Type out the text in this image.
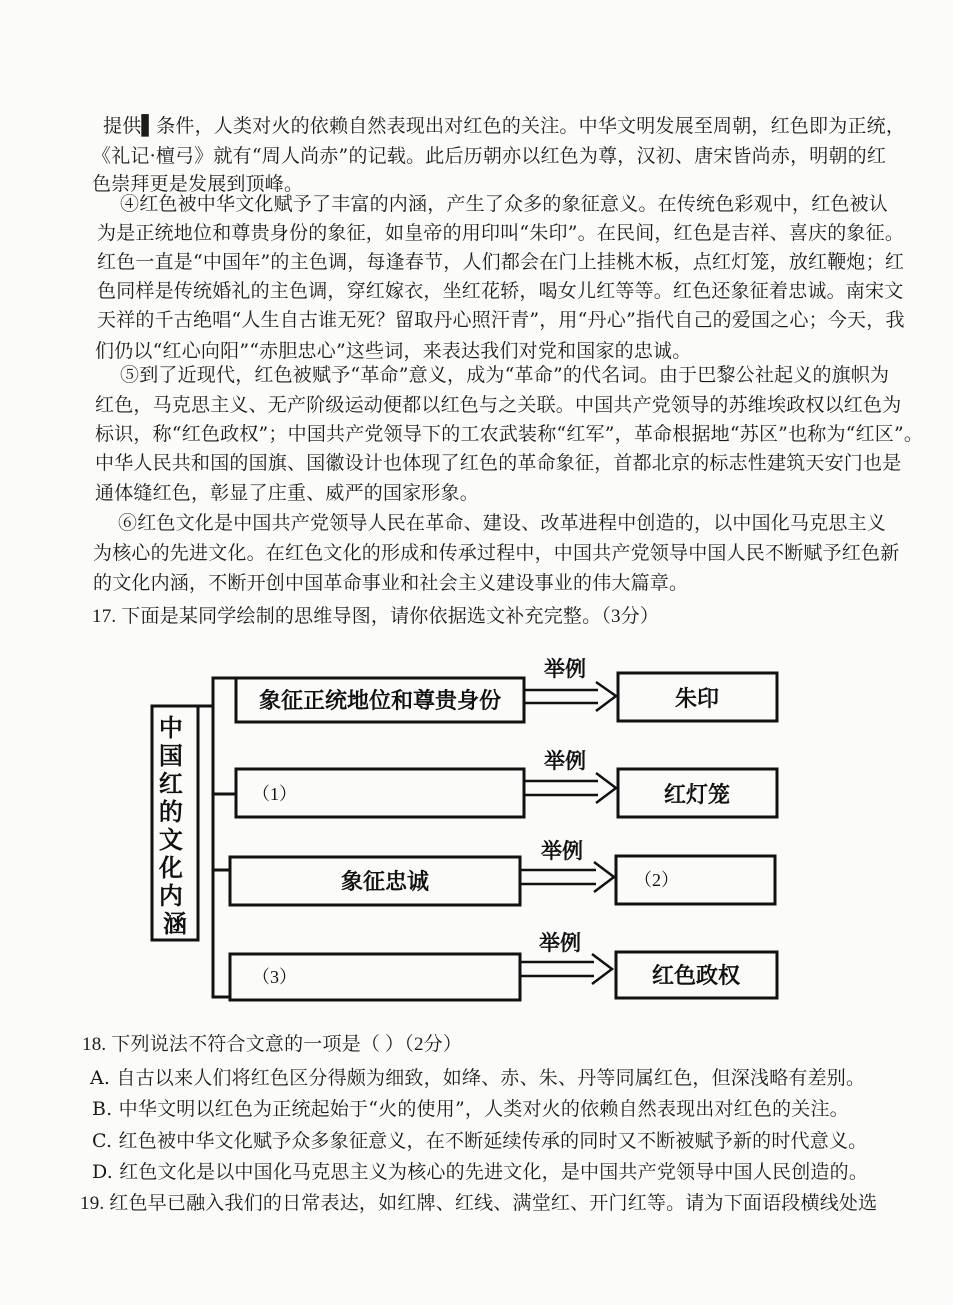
提供▌条件，人类对火的依赖自然表现出对红色的关注。中华文明发展至周朝，红色即为正统，
《礼记·檀弓》就有“周人尚赤”的记载。此后历朝亦以红色为尊，汉初、唐宋皆尚赤，明朝的红
色崇拜更是发展到顶峰。
④红色被中华文化赋予了丰富的内涵，产生了众多的象征意义。在传统色彩观中，红色被认
为是正统地位和尊贵身份的象征，如皇帝的用印叫“朱印”。在民间，红色是吉祥、喜庆的象征。
红色一直是“中国年”的主色调，每逢春节，人们都会在门上挂桃木板，点红灯笼，放红鞭炮；红
色同样是传统婚礼的主色调，穿红嫁衣，坐红花轿，喝女儿红等等。红色还象征着忠诚。南宋文
天祥的千古绝唱“人生自古谁无死？留取丹心照汗青”，用“丹心”指代自己的爱国之心；今天，我
们仍以“红心向阳”“赤胆忠心”这些词，来表达我们对党和国家的忠诚。
⑤到了近现代，红色被赋予“革命”意义，成为“革命”的代名词。由于巴黎公社起义的旗帜为
红色，马克思主义、无产阶级运动便都以红色与之关联。中国共产党领导的苏维埃政权以红色为
标识，称“红色政权”；中国共产党领导下的工农武装称“红军”，革命根据地“苏区”也称为“红区”。
中华人民共和国的国旗、国徽设计也体现了红色的革命象征，首都北京的标志性建筑天安门也是
通体缝红色，彰显了庄重、威严的国家形象。
⑥红色文化是中国共产党领导人民在革命、建设、改革进程中创造的，以中国化马克思主义
为核心的先进文化。在红色文化的形成和传承过程中，中国共产党领导中国人民不断赋予红色新
的文化内涵，不断开创中国革命事业和社会主义建设事业的伟大篇章。
17. 下面是某同学绘制的思维导图，请你依据选文补充完整。（3分）
中 国 红 的 文 化 内 涵
象征正统地位和尊贵身份
举例
朱印
（1）
举例
红灯笼
象征忠诚
举例
（2）
（3）
举例
红色政权
18. 下列说法不符合文意的一项是（ ）（2分）
A. 自古以来人们将红色区分得颇为细致，如绛、赤、朱、丹等同属红色，但深浅略有差别。
B. 中华文明以红色为正统起始于“火的使用”，人类对火的依赖自然表现出对红色的关注。
C. 红色被中华文化赋予众多象征意义，在不断延续传承的同时又不断被赋予新的时代意义。
D. 红色文化是以中国化马克思主义为核心的先进文化，是中国共产党领导中国人民创造的。
19. 红色早已融入我们的日常表达，如红牌、红线、满堂红、开门红等。请为下面语段横线处选
